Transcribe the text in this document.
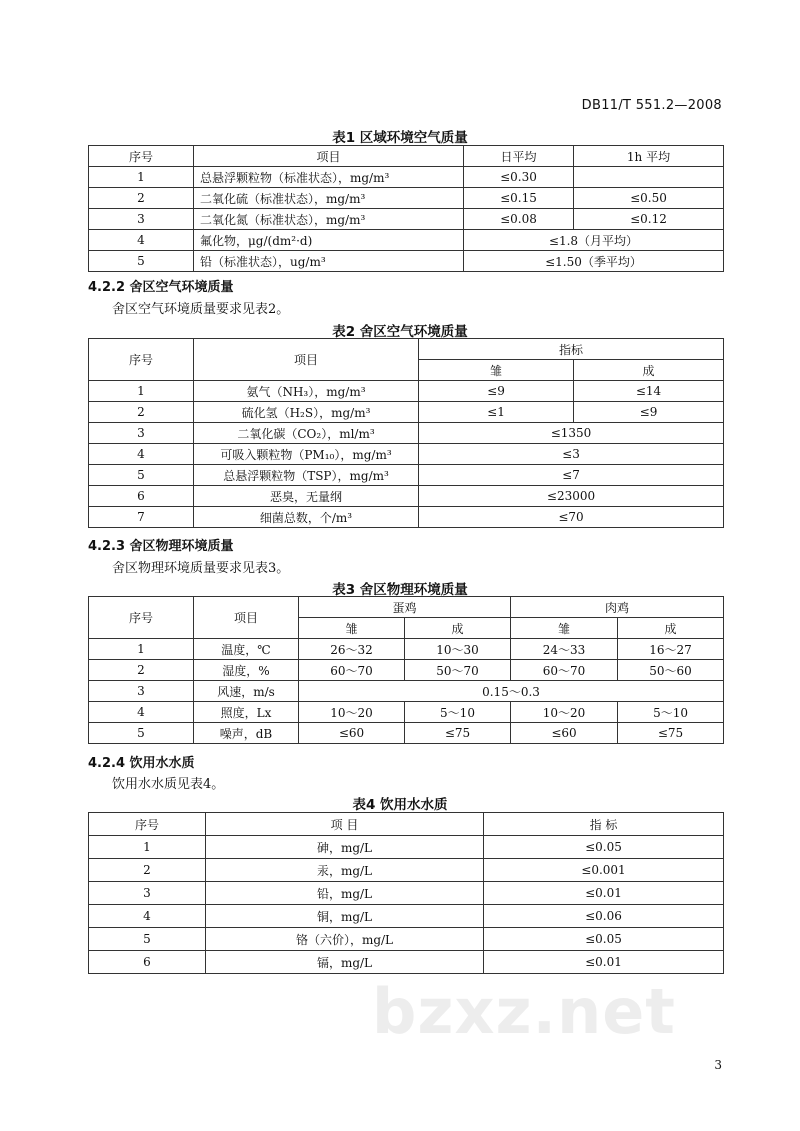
DB11/T 551.2—2008
表1 区域环境空气质量
序号	项目	日平均	1h 平均
1	总悬浮颗粒物（标准状态），mg/m³	≤0.30	
2	二氧化硫（标准状态），mg/m³	≤0.15	≤0.50
3	二氧化氮（标准状态），mg/m³	≤0.08	≤0.12
4	氟化物，μg/(dm²·d)	≤1.8（月平均）	
5	铅（标准状态），ug/m³	≤1.50（季平均）	
4.2.2 舍区空气环境质量
舍区空气环境质量要求见表2。
表2 舍区空气环境质量
序号	项目	指标	
		雏	成
1	氨气（NH₃），mg/m³	≤9	≤14
2	硫化氢（H₂S），mg/m³	≤1	≤9
3	二氧化碳（CO₂），ml/m³	≤1350	
4	可吸入颗粒物（PM₁₀），mg/m³	≤3	
5	总悬浮颗粒物（TSP），mg/m³	≤7	
6	恶臭，无量纲	≤23000	
7	细菌总数，个/m³	≤70	
4.2.3 舍区物理环境质量
舍区物理环境质量要求见表3。
表3 舍区物理环境质量
序号	项目	蛋鸡		肉鸡	
		雏	成	雏	成
1	温度，℃	26～32	10～30	24～33	16～27
2	湿度，%	60～70	50～70	60～70	50～60
3	风速，m/s	0.15～0.3			
4	照度，Lx	10～20	5～10	10～20	5～10
5	噪声，dB	≤60	≤75	≤60	≤75
4.2.4 饮用水水质
饮用水水质见表4。
表4 饮用水水质
序号	项 目	指 标
1	砷，mg/L	≤0.05
2	汞，mg/L	≤0.001
3	铅，mg/L	≤0.01
4	铜，mg/L	≤0.06
5	铬（六价），mg/L	≤0.05
6	镉，mg/L	≤0.01
bzxz.net
3
